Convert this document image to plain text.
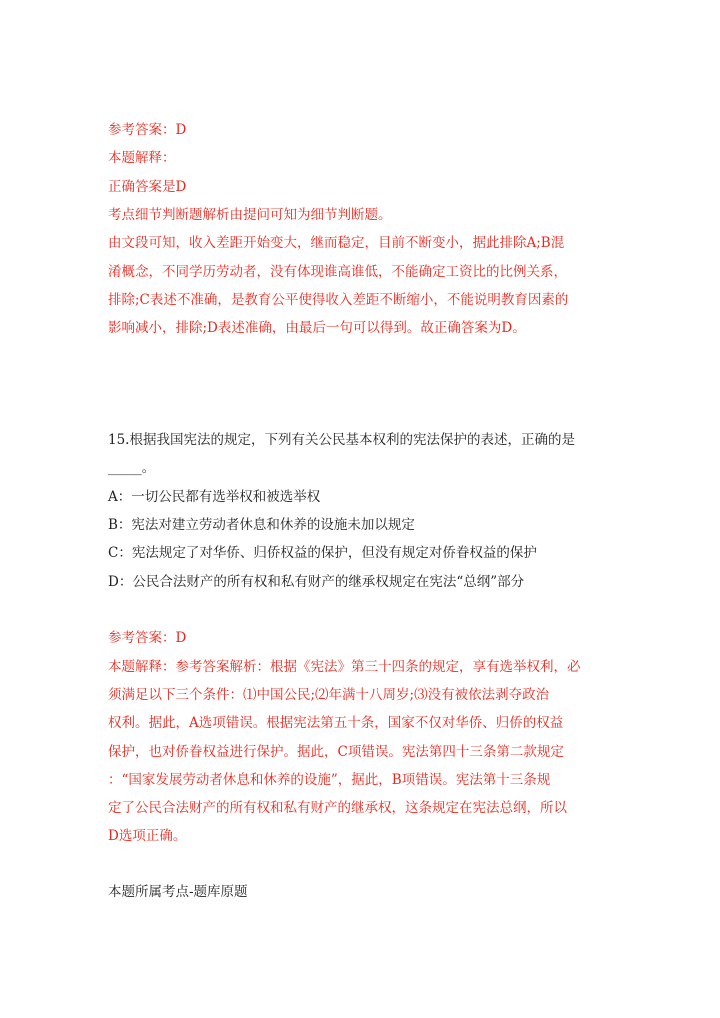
参考答案：D
本题解释：
正确答案是D
考点细节判断题解析由提问可知为细节判断题。
由文段可知，收入差距开始变大，继而稳定，目前不断变小，据此排除A;B混
淆概念，不同学历劳动者，没有体现谁高谁低，不能确定工资比的比例关系，
排除;C表述不准确，是教育公平使得收入差距不断缩小，不能说明教育因素的
影响减小，排除;D表述准确，由最后一句可以得到。故正确答案为D。
15.根据我国宪法的规定，下列有关公民基本权利的宪法保护的表述，正确的是
_____。
A：一切公民都有选举权和被选举权
B：宪法对建立劳动者休息和休养的设施未加以规定
C：宪法规定了对华侨、归侨权益的保护，但没有规定对侨眷权益的保护
D：公民合法财产的所有权和私有财产的继承权规定在宪法“总纲”部分
参考答案：D
本题解释：参考答案解析：根据《宪法》第三十四条的规定，享有选举权利，必
须满足以下三个条件：⑴中国公民;⑵年满十八周岁;⑶没有被依法剥夺政治
权利。据此，A选项错误。根据宪法第五十条，国家不仅对华侨、归侨的权益
保护，也对侨眷权益进行保护。据此，C项错误。宪法第四十三条第二款规定
：“国家发展劳动者休息和休养的设施”，据此，B项错误。宪法第十三条规
定了公民合法财产的所有权和私有财产的继承权，这条规定在宪法总纲，所以
D选项正确。
本题所属考点-题库原题
